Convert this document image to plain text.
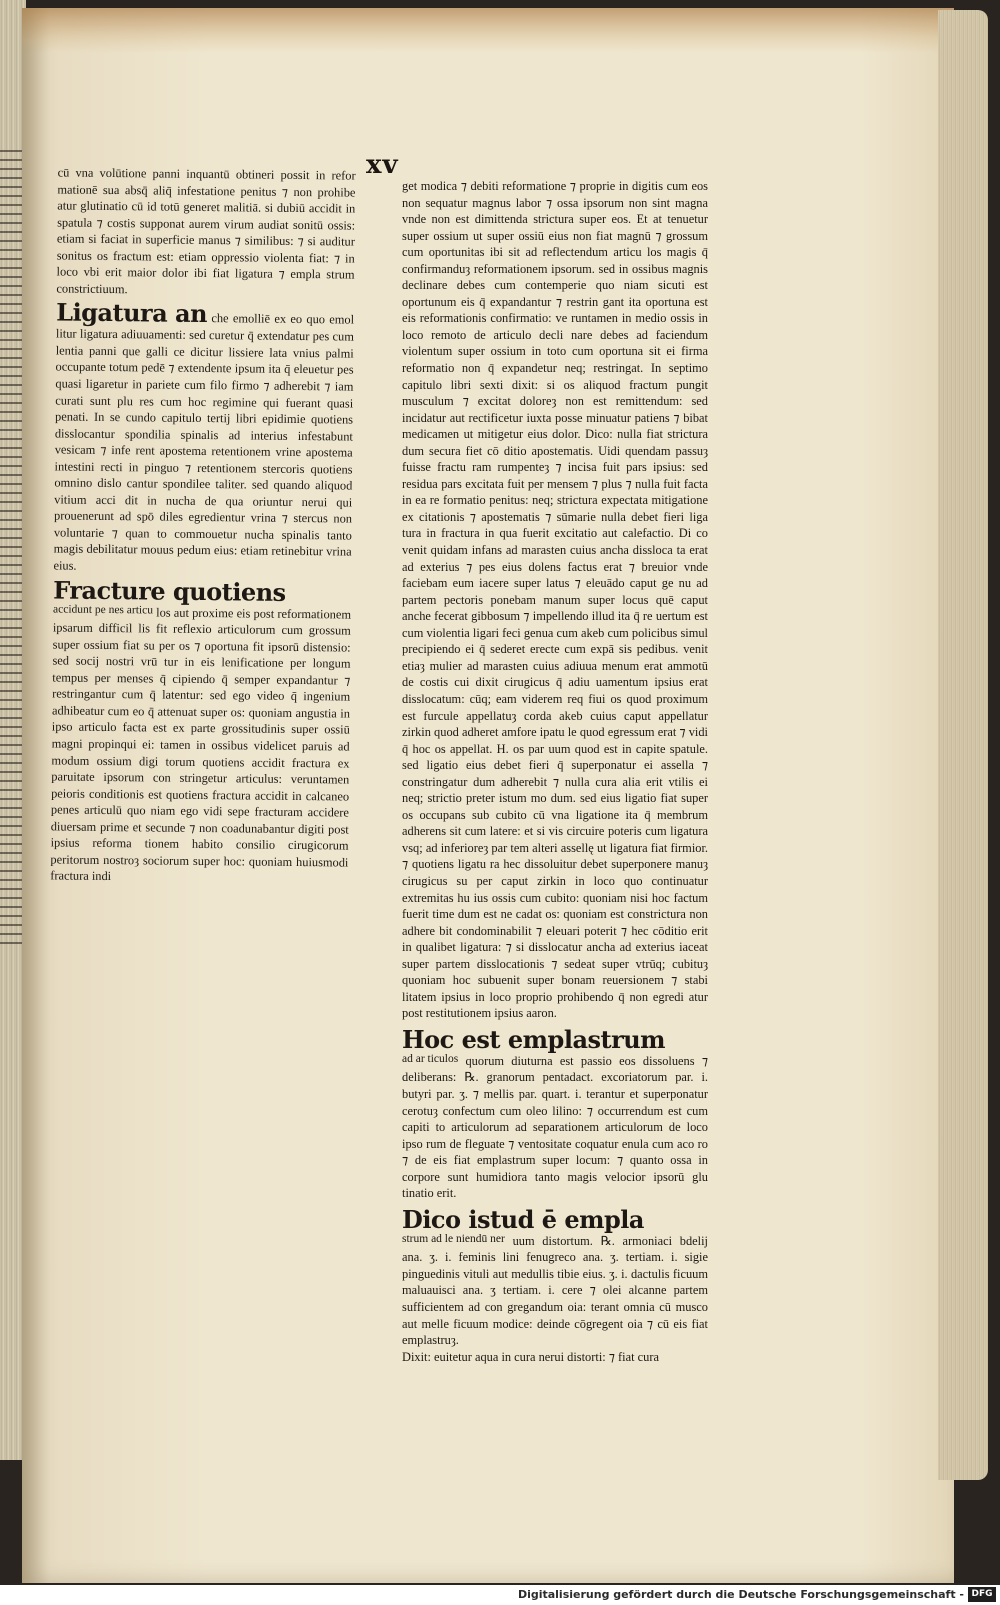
xv

cū vna volūtione panni inquantū obtineri possit in refor mationē sua absq̄ aliq̄ infestatione penitus ⁊ non prohibe atur glutinatio cū id totū generet malitiā. si dubiū accidit in spatula ⁊ costis supponat aurem virum audiat sonitū ossis: etiam si faciat in superficie manus ⁊ similibus: ⁊ si auditur sonitus os fractum est: etiam oppressio violenta fiat: ⁊ in loco vbi erit maior dolor ibi fiat ligatura ⁊ empla strum constrictiuum.

Ligatura an che emolliē ex eo quo emol litur ligatura adiuuamenti: sed curetur q̄ extendatur pes cum lentia panni que galli ce dicitur lissiere lata vnius palmi occupante totum pedē ⁊ extendente ipsum ita q̄ eleuetur pes quasi ligaretur in pariete cum filo firmo ⁊ adherebit ⁊ iam curati sunt plu res cum hoc regimine qui fuerant quasi penati. In se cundo capitulo tertij libri epidimie quotiens disslocantur spondilia spinalis ad interius infestabunt vesicam ⁊ infe rent apostema retentionem vrine apostema intestini recti in pinguo ⁊ retentionem stercoris quotiens omnino dislo cantur spondilee taliter. sed quando aliquod vitium acci dit in nucha de qua oriuntur nerui qui prouenerunt ad spō diles egredientur vrina ⁊ stercus non voluntarie ⁊ quan to commouetur nucha spinalis tanto magis debilitatur mouus pedum eius: etiam retinebitur vrina eius.

Fracture quotiens accidunt pe nes articu los aut proxime eis post reformationem ipsarum difficil lis fit reflexio articulorum cum grossum super ossium fiat su per os ⁊ oportuna fit ipsorū distensio: sed socij nostri vrū tur in eis lenificatione per longum tempus per menses q̄ cipiendo q̄ semper expandantur ⁊ restringantur cum q̄ latentur: sed ego video q̄ ingenium adhibeatur cum eo q̄ attenuat super os: quoniam angustia in ipso articulo facta est ex parte grossitudinis super ossiū magni propinqui ei: tamen in ossibus videlicet paruis ad modum ossium digi torum quotiens accidit fractura ex paruitate ipsorum con stringetur articulus: veruntamen peioris conditionis est quotiens fractura accidit in calcaneo penes articulū quo niam ego vidi sepe fracturam accidere diuersam prime et secunde ⁊ non coadunabantur digiti post ipsius reforma tionem habito consilio cirugicorum peritorum nostroȝ sociorum super hoc: quoniam huiusmodi fractura indi

get modica ⁊ debiti reformatione ⁊ proprie in digitis cum eos non sequatur magnus labor ⁊ ossa ipsorum non sint magna vnde non est dimittenda strictura super eos. Et at tenuetur super ossium ut super ossiū eius non fiat magnū ⁊ grossum cum oportunitas ibi sit ad reflectendum articu los magis q̄ confirmanduȝ reformationem ipsorum. sed in ossibus magnis declinare debes cum contemperie quo niam sicuti est oportunum eis q̄ expandantur ⁊ restrin gant ita oportuna est eis reformationis confirmatio: ve runtamen in medio ossis in loco remoto de articulo decli nare debes ad faciendum violentum super ossium in toto cum oportuna sit ei firma reformatio non q̄ expandetur neq; restringat. In septimo capitulo libri sexti dixit: si os aliquod fractum pungit musculum ⁊ excitat doloreȝ non est remittendum: sed incidatur aut rectificetur iuxta posse minuatur patiens ⁊ bibat medicamen ut mitigetur eius dolor. Dico: nulla fiat strictura dum secura fiet cō ditio apostematis. Uidi quendam passuȝ fuisse fractu ram rumpenteȝ ⁊ incisa fuit pars ipsius: sed residua pars excitata fuit per mensem ⁊ plus ⁊ nulla fuit facta in ea re formatio penitus: neq; strictura expectata mitigatione ex citationis ⁊ apostematis ⁊ sūmarie nulla debet fieri liga tura in fractura in qua fuerit excitatio aut calefactio. Di co venit quidam infans ad marasten cuius ancha dissloca ta erat ad exterius ⁊ pes eius dolens factus erat ⁊ breuior vnde faciebam eum iacere super latus ⁊ eleuādo caput ge nu ad partem pectoris ponebam manum super locus quē caput anche fecerat gibbosum ⁊ impellendo illud ita q̄ re uertum est cum violentia ligari feci genua cum akeb cum policibus simul precipiendo ei q̄ sederet erecte cum expā sis pedibus. venit etiaȝ mulier ad marasten cuius adiuua menum erat ammotū de costis cui dixit cirugicus q̄ adiu uamentum ipsius erat disslocatum: cūq; eam viderem req fiui os quod proximum est furcule appellatuȝ corda akeb cuius caput appellatur zirkin quod adheret amfore ipatu le quod egressum erat ⁊ vidi q̄ hoc os appellat. H. os par uum quod est in capite spatule. sed ligatio eius debet fieri q̄ superponatur ei assella ⁊ constringatur dum adherebit ⁊ nulla cura alia erit vtilis ei neq; strictio preter istum mo dum. sed eius ligatio fiat super os occupans sub cubito cū vna ligatione ita q̄ membrum adherens sit cum latere: et si vis circuire poteris cum ligatura vsq; ad inferioreȝ par tem alteri assellę ut ligatura fiat firmior. ⁊ quotiens ligatu ra hec dissoluitur debet superponere manuȝ cirugicus su per caput zirkin in loco quo continuatur extremitas hu ius ossis cum cubito: quoniam nisi hoc factum fuerit time dum est ne cadat os: quoniam est constrictura non adhere bit condominabilit ⁊ eleuari poterit ⁊ hec cōditio erit in qualibet ligatura: ⁊ si disslocatur ancha ad exterius iaceat super partem disslocationis ⁊ sedeat super vtrūq; cubituȝ quoniam hoc subuenit super bonam reuersionem ⁊ stabi litatem ipsius in loco proprio prohibendo q̄ non egredi atur post restitutionem ipsius aaron.

Hoc est emplastrum ad ar ticulos quorum diuturna est passio eos dissoluens ⁊ deliberans: ℞. granorum pentadact. excoriatorum par. i. butyri par. ʒ. ⁊ mellis par. quart. i. terantur et superponatur cerotuȝ confectum cum oleo lilino: ⁊ occurrendum est cum capiti to articulorum ad separationem articulorum de loco ipso rum de fleguate ⁊ ventositate coquatur enula cum aco ro ⁊ de eis fiat emplastrum super locum: ⁊ quanto ossa in corpore sunt humidiora tanto magis velocior ipsorū glu tinatio erit.

Dico istud ē empla strum ad le niendū ner uum distortum. ℞. armoniaci bdelij ana. ʒ. i. feminis lini fenugreco ana. ʒ. tertiam. i. sigie pinguedinis vituli aut medullis tibie eius. ʒ. i. dactulis ficuum maluauisci ana. ʒ tertiam. i. cere ⁊ olei alcanne partem sufficientem ad con gregandum oia: terant omnia cū musco aut melle ficuum modice: deinde cōgregent oia ⁊ cū eis fiat emplastruȝ.

Dixit: euitetur aqua in cura nerui distorti: ⁊ fiat cura

Digitalisierung gefördert durch die Deutsche Forschungsgemeinschaft - DFG
